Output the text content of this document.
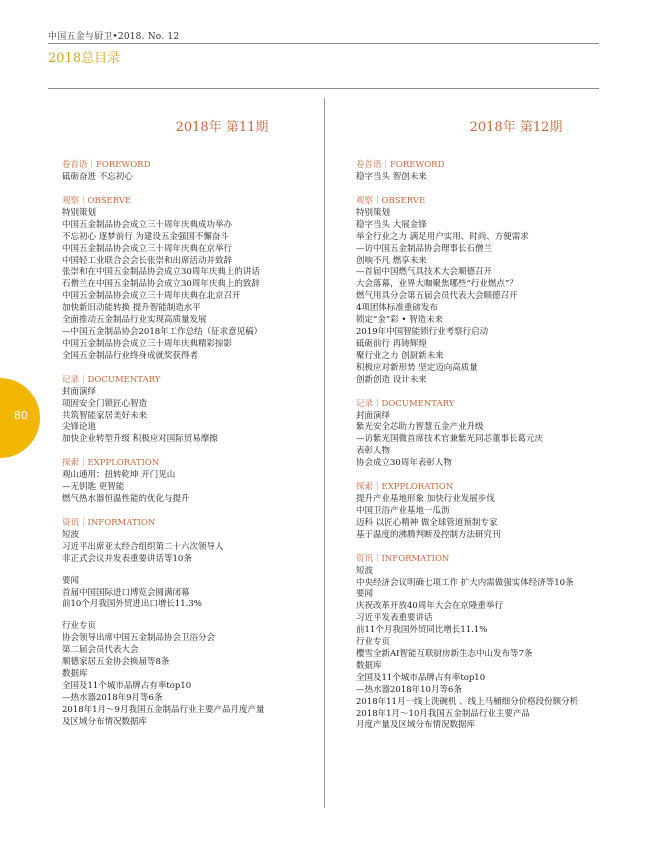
中国五金与厨卫•2018. No. 12
2018总目录
80
2018年 第11期
卷首语｜FOREWORD
砥砺奋进 不忘初心
观察｜OBSERVE
特别策划
中国五金制品协会成立三十周年庆典成功举办
不忘初心 逐梦前行 为建设五金强国不懈奋斗
中国五金制品协会成立三十周年庆典在京举行
中国轻工业联合会会长张崇和出席活动并致辞
张崇和在中国五金制品协会成立30周年庆典上的讲话
石僧兰在中国五金制品协会成立30周年庆典上的致辞
中国五金制品协会成立三十周年庆典在北京召开
加快新旧动能转换 提升智能制造水平
全面推动五金制品行业实现高质量发展
—中国五金制品协会2018年工作总结（征求意见稿）
中国五金制品协会成立三十周年庆典精彩掠影
全国五金制品行业终身成就奖获得者
记录｜DOCUMENTARY
封面演绎
项固安全门锁匠心智造
共筑智能家居美好未来
尖锋论道
加快企业转型升级 积极应对国际贸易摩擦
探索｜EXPPLORATION
观山通用：扭转乾坤 开门见山
—无钥匙 更智能
燃气热水器恒温性能的优化与提升
资讯｜INFORMATION
短波
习近平出席亚太经合组织第二十六次领导人
非正式会议并发表重要讲话等10条
要闻
首届中国国际进口博览会圆满闭幕
前10个月我国外贸进出口增长11.3%
行业专页
协会领导出席中国五金制品协会卫浴分会
第二届会员代表大会
顺德家居五金协会换届等8条
数据库
全国及11个城市品牌占有率top10
—热水器2018年9月等6条
2018年1月～9月我国五金制品行业主要产品月度产量
及区域分布情况数据库
2018年 第12期
卷首语｜FOREWORD
稳字当头 智创未来
观察｜OBSERVE
特别策划
稳字当头 大展金锋
举全行业之力 满足用户实用、时尚、方便需求
—访中国五金制品协会理事长石僧兰
创响不凡 燃享未来
—首届中国燃气具技术大会顺德召开
大会落幕，业界大咖聚焦哪些“行业燃点”？
燃气用具分会第五届会员代表大会顺德召开
4项团体标准重磅发布
锁定“金”彩 • 智造未来
2019年中国智能锁行业考察行启动
砥砺前行 再铸辉煌
聚行业之力 创厨新未来
积极应对新形势 坚定迈向高质量
创新创造 设计未来
记录｜DOCUMENTARY
封面演绎
紫光安全芯助力智慧五金产业升级
—访紫光国微首席技术官兼紫光同芯董事长葛元庆
表彰人物
协会成立30周年表彰人物
探索｜EXPPLORATION
提升产业基地形象 加快行业发展步伐
中国卫浴产业基地一瓜沥
迈科 以匠心精神 做全球管道预制专家
基于温度的沸腾判断及控制方法研究刊
资讯｜INFORMATION
短波
中央经济会议明确七项工作 扩大内需做强实体经济等10条
要闻
庆祝改革开放40周年大会在京隆重举行
习近平发表重要讲话
前11个月我国外贸同比增长11.1%
行业专页
樱雪全新AI智能互联厨房新生态中山发布等7条
数据库
全国及11个城市品牌占有率top10
—热水器2018年10月等6条
2018年11月一线上洗碗机 、线上马桶细分价格段份额分析
2018年1月～10月我国五金制品行业主要产品
月度产量及区域分布情况数据库
